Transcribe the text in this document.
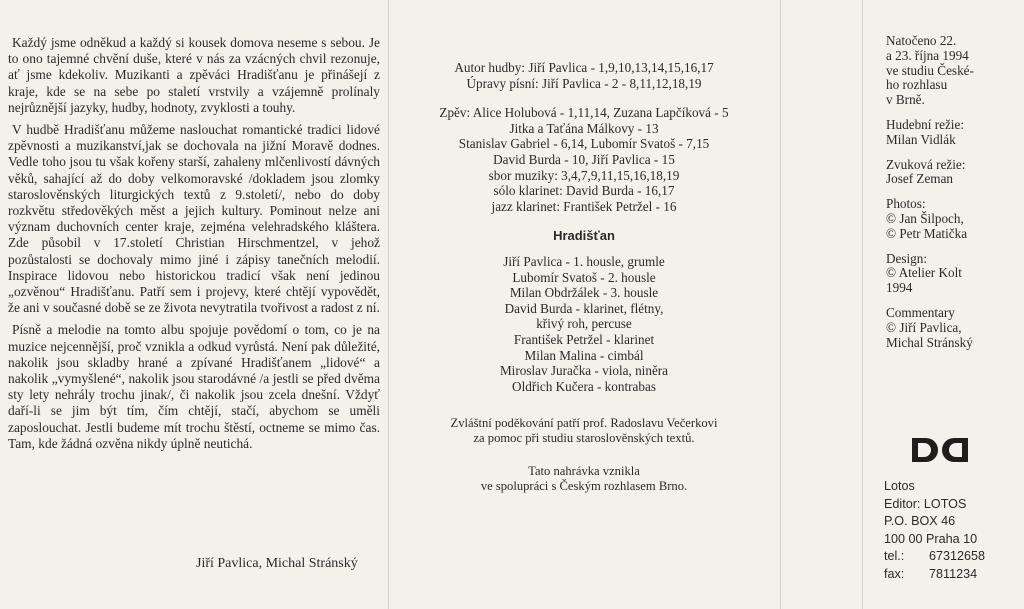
Každý jsme odněkud a každý si kousek domova neseme s sebou. Je to ono tajemné chvění duše, které v nás za vzácných chvil rezonuje, ať jsme kdekoliv. Muzikanti a zpěváci Hradišťanu je přinášejí z kraje, kde se na sebe po staletí vrstvily a vzájemně prolínaly nejrůznější jazyky, hudby, hodnoty, zvyklosti a touhy.

V hudbě Hradišťanu můžeme naslouchat romantické tradici lidové zpěvnosti a muzikanství,jak se dochovala na jižní Moravě dodnes. Vedle toho jsou tu však kořeny starší, zahaleny mlčenlivostí dávných věků, sahající až do doby velkomoravské /dokladem jsou zlomky staroslověnských liturgických textů z 9.století/, nebo do doby rozkvětu středověkých měst a jejich kultury. Pominout nelze ani význam duchovních center kraje, zejména velehradského kláštera. Zde působil v 17.století Christian Hirschmentzel, v jehož pozůstalosti se dochovaly mimo jiné i zápisy tanečních melodií. Inspirace lidovou nebo historickou tradicí však není jedinou „ozvěnou“ Hradišťanu. Patří sem i projevy, které chtějí vypovědět, že ani v současné době se ze života nevytratila tvořivost a radost z ní.

Písně a melodie na tomto albu spojuje povědomí o tom, co je na muzice nejcennější, proč vznikla a odkud vyrůstá. Není pak důležité, nakolik jsou skladby hrané a zpívané Hradišťanem „lidové“ a nakolik „vymyšlené“, nakolik jsou starodávné /a jestli se před dvěma sty lety nehrály trochu jinak/, či nakolik jsou zcela dnešní. Vždyť daří-li se jim být tím, čím chtějí, stačí, abychom se uměli zaposlouchat. Jestli budeme mít trochu štěstí, octneme se mimo čas. Tam, kde žádná ozvěna nikdy úplně neutichá.

Jiří Pavlica, Michal Stránský
Autor hudby: Jiří Pavlica - 1,9,10,13,14,15,16,17
Úpravy písní: Jiří Pavlica - 2 - 8,11,12,18,19
Zpěv: Alice Holubová - 1,11,14, Zuzana Lapčíková - 5
Jitka a Taťána Málkovy - 13
Stanislav Gabriel - 6,14, Lubomír Svatoš - 7,15
David Burda - 10, Jiří Pavlica - 15
sbor muziky: 3,4,7,9,11,15,16,18,19
sólo klarinet: David Burda - 16,17
jazz klarinet: František Petržel - 16
Hradišťan
Jiří Pavlica - 1. housle, grumle
Lubomír Svatoš - 2. housle
Milan Obdržálek - 3. housle
David Burda - klarinet, flétny,
křivý roh, percuse
František Petržel - klarinet
Milan Malina - cimbál
Miroslav Juračka - viola, niněra
Oldřich Kučera - kontrabas
Zvláštní poděkování patří prof. Radoslavu Večerkovi
za pomoc při studiu staroslověnských textů.
Tato nahrávka vznikla
ve spolupráci s Českým rozhlasem Brno.
Natočeno 22.
a 23. října 1994
ve studiu České-
ho rozhlasu
v Brně.
Hudební režie:
Milan Vidlák
Zvuková režie:
Josef Zeman
Photos:
© Jan Šilpoch,
© Petr Matička
Design:
© Atelier Kolt
1994
Commentary
© Jiří Pavlica,
Michal Stránský
Lotos
Editor: LOTOS
P.O. BOX 46
100 00 Praha 10
tel.: 67312658
fax: 7811234
